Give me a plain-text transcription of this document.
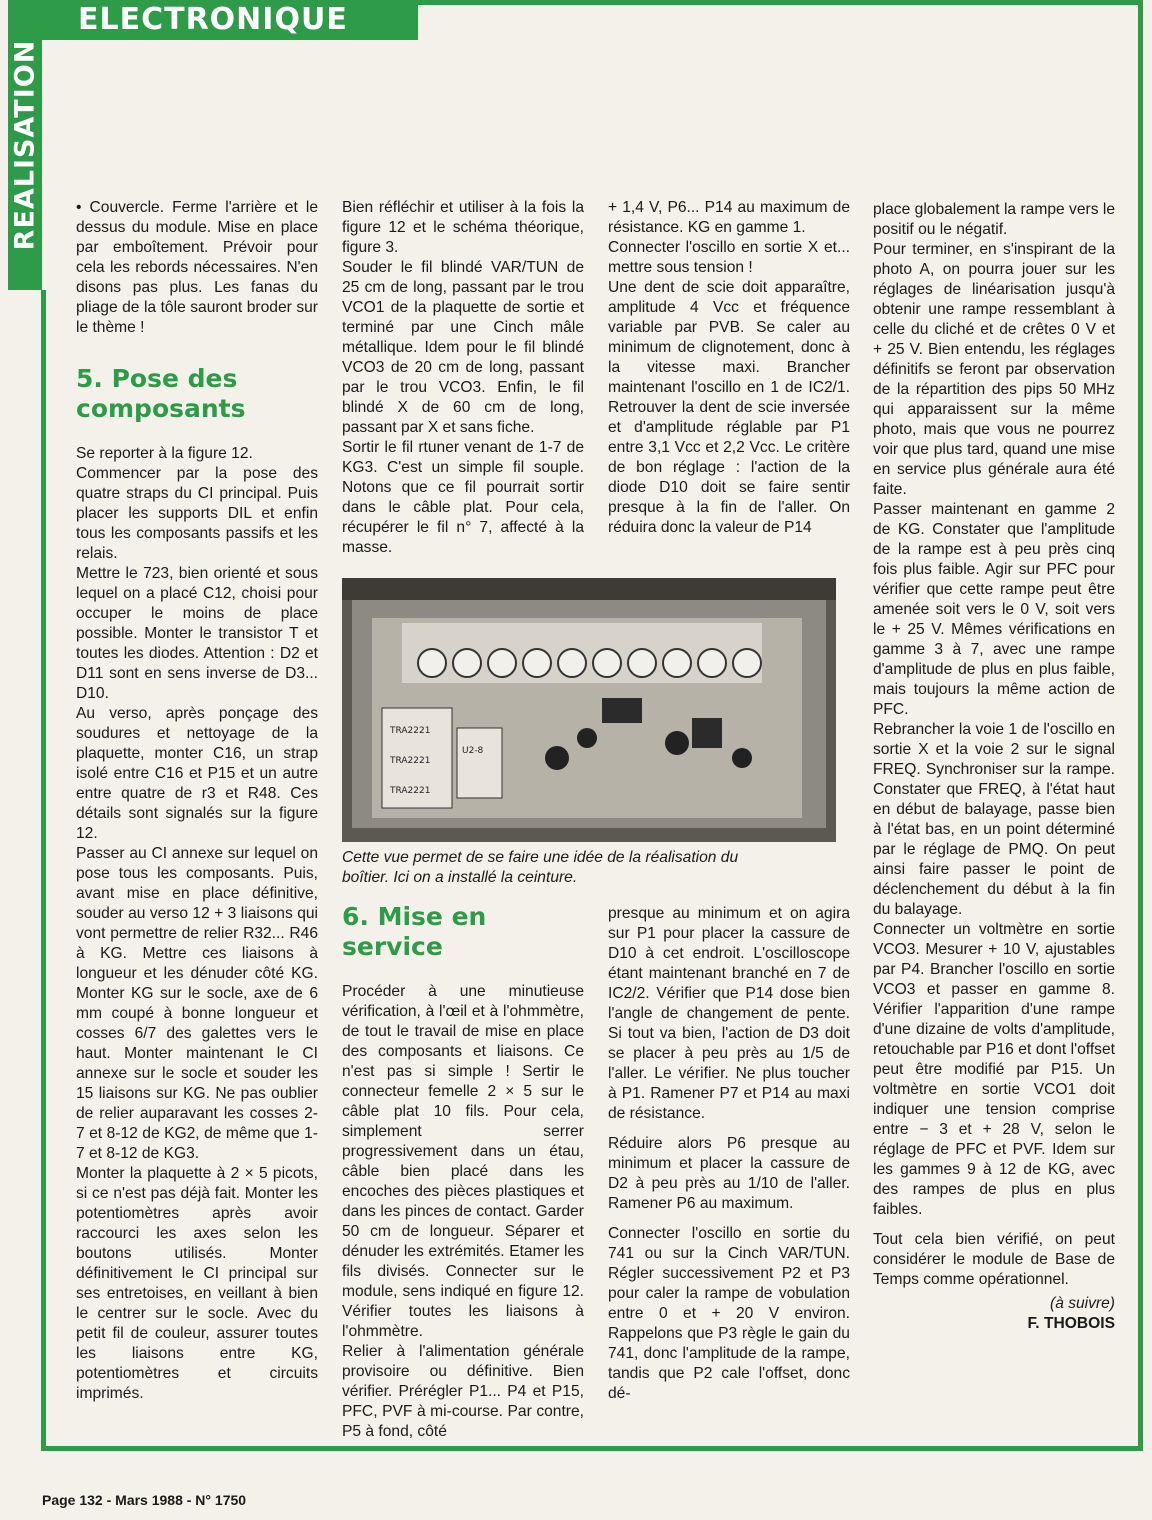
REALISATION
ELECTRONIQUE

• Couvercle. Ferme l'arrière et le dessus du module. Mise en place par emboîtement. Prévoir pour cela les rebords nécessaires. N'en disons pas plus. Les fanas du pliage de la tôle sauront broder sur le thème !

5. Pose des composants

Se reporter à la figure 12.

Commencer par la pose des quatre straps du CI principal. Puis placer les supports DIL et enfin tous les composants passifs et les relais.

Mettre le 723, bien orienté et sous lequel on a placé C12, choisi pour occuper le moins de place possible. Monter le transistor T et toutes les diodes. Attention : D2 et D11 sont en sens inverse de D3... D10.

Au verso, après ponçage des soudures et nettoyage de la plaquette, monter C16, un strap isolé entre C16 et P15 et un autre entre quatre de r3 et R48. Ces détails sont signalés sur la figure 12.

Passer au CI annexe sur lequel on pose tous les composants. Puis, avant mise en place définitive, souder au verso 12 + 3 liaisons qui vont permettre de relier R32... R46 à KG. Mettre ces liaisons à longueur et les dénuder côté KG. Monter KG sur le socle, axe de 6 mm coupé à bonne longueur et cosses 6/7 des galettes vers le haut. Monter maintenant le CI annexe sur le socle et souder les 15 liaisons sur KG. Ne pas oublier de relier auparavant les cosses 2-7 et 8-12 de KG2, de même que 1-7 et 8-12 de KG3.

Monter la plaquette à 2 × 5 picots, si ce n'est pas déjà fait. Monter les potentiomètres après avoir raccourci les axes selon les boutons utilisés. Monter définitivement le CI principal sur ses entretoises, en veillant à bien le centrer sur le socle. Avec du petit fil de couleur, assurer toutes les liaisons entre KG, potentiomètres et circuits imprimés.

Bien réfléchir et utiliser à la fois la figure 12 et le schéma théorique, figure 3.

Souder le fil blindé VAR/TUN de 25 cm de long, passant par le trou VCO1 de la plaquette de sortie et terminé par une Cinch mâle métallique. Idem pour le fil blindé VCO3 de 20 cm de long, passant par le trou VCO3. Enfin, le fil blindé X de 60 cm de long, passant par X et sans fiche.

Sortir le fil rtuner venant de 1-7 de KG3. C'est un simple fil souple. Notons que ce fil pourrait sortir dans le câble plat. Pour cela, récupérer le fil n° 7, affecté à la masse.

+ 1,4 V, P6... P14 au maximum de résistance. KG en gamme 1.

Connecter l'oscillo en sortie X et... mettre sous tension !

Une dent de scie doit apparaître, amplitude 4 Vcc et fréquence variable par PVB. Se caler au minimum de clignotement, donc à la vitesse maxi. Brancher maintenant l'oscillo en 1 de IC2/1. Retrouver la dent de scie inversée et d'amplitude réglable par P1 entre 3,1 Vcc et 2,2 Vcc. Le critère de bon réglage : l'action de la diode D10 doit se faire sentir presque à la fin de l'aller. On réduira donc la valeur de P14

TRA2221
TRA2221
TRA2221
U2-8
Cette vue permet de se faire une idée de la réalisation du boîtier. Ici on a installé la ceinture.
6. Mise en service

Procéder à une minutieuse vérification, à l'œil et à l'ohmmètre, de tout le travail de mise en place des composants et liaisons. Ce n'est pas si simple ! Sertir le connecteur femelle 2 × 5 sur le câble plat 10 fils. Pour cela, simplement serrer progressivement dans un étau, câble bien placé dans les encoches des pièces plastiques et dans les pinces de contact. Garder 50 cm de longueur. Séparer et dénuder les extrémités. Etamer les fils divisés. Connecter sur le module, sens indiqué en figure 12. Vérifier toutes les liaisons à l'ohmmètre.

Relier à l'alimentation générale provisoire ou définitive. Bien vérifier. Prérégler P1... P4 et P15, PFC, PVF à mi-course. Par contre, P5 à fond, côté

presque au minimum et on agira sur P1 pour placer la cassure de D10 à cet endroit. L'oscilloscope étant maintenant branché en 7 de IC2/2. Vérifier que P14 dose bien l'angle de changement de pente. Si tout va bien, l'action de D3 doit se placer à peu près au 1/5 de l'aller. Le vérifier. Ne plus toucher à P1. Ramener P7 et P14 au maxi de résistance.

Réduire alors P6 presque au minimum et placer la cassure de D2 à peu près au 1/10 de l'aller. Ramener P6 au maximum.

Connecter l'oscillo en sortie du 741 ou sur la Cinch VAR/TUN. Régler successivement P2 et P3 pour caler la rampe de vobulation entre 0 et + 20 V environ. Rappelons que P3 règle le gain du 741, donc l'amplitude de la rampe, tandis que P2 cale l'offset, donc dé-

place globalement la rampe vers le positif ou le négatif.

Pour terminer, en s'inspirant de la photo A, on pourra jouer sur les réglages de linéarisation jusqu'à obtenir une rampe ressemblant à celle du cliché et de crêtes 0 V et + 25 V. Bien entendu, les réglages définitifs se feront par observation de la répartition des pips 50 MHz qui apparaissent sur la même photo, mais que vous ne pourrez voir que plus tard, quand une mise en service plus générale aura été faite.

Passer maintenant en gamme 2 de KG. Constater que l'amplitude de la rampe est à peu près cinq fois plus faible. Agir sur PFC pour vérifier que cette rampe peut être amenée soit vers le 0 V, soit vers le + 25 V. Mêmes vérifications en gamme 3 à 7, avec une rampe d'amplitude de plus en plus faible, mais toujours la même action de PFC.

Rebrancher la voie 1 de l'oscillo en sortie X et la voie 2 sur le signal FREQ. Synchroniser sur la rampe. Constater que FREQ, à l'état haut en début de balayage, passe bien à l'état bas, en un point déterminé par le réglage de PMQ. On peut ainsi faire passer le point de déclenchement du début à la fin du balayage.

Connecter un voltmètre en sortie VCO3. Mesurer + 10 V, ajustables par P4. Brancher l'oscillo en sortie VCO3 et passer en gamme 8. Vérifier l'apparition d'une rampe d'une dizaine de volts d'amplitude, retouchable par P16 et dont l'offset peut être modifié par P15. Un voltmètre en sortie VCO1 doit indiquer une tension comprise entre − 3 et + 28 V, selon le réglage de PFC et PVF. Idem sur les gammes 9 à 12 de KG, avec des rampes de plus en plus faibles.

Tout cela bien vérifié, on peut considérer le module de Base de Temps comme opérationnel.

(à suivre)

F. THOBOIS

Page 132 - Mars 1988 - N° 1750
